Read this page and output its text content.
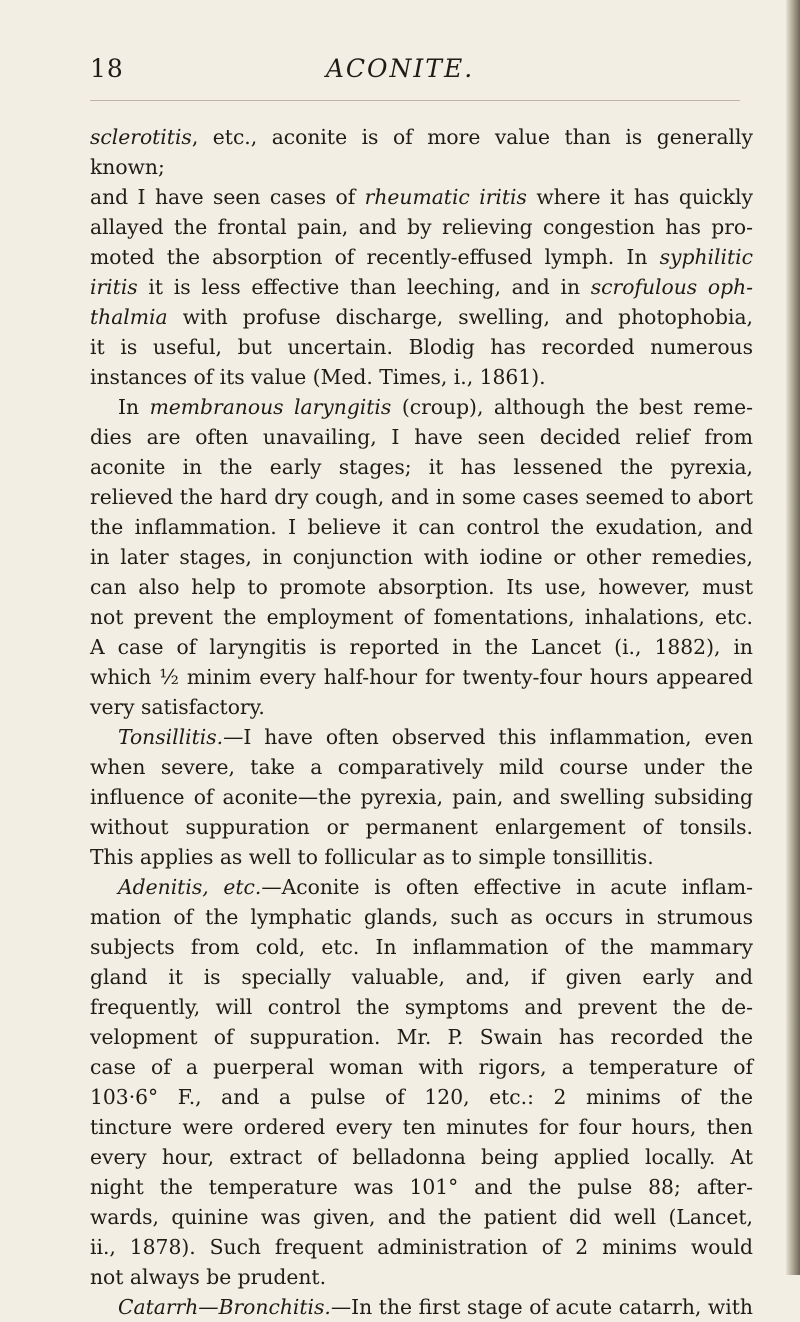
18	ACONITE.
sclerotitis, etc., aconite is of more value than is generally known;
and I have seen cases of rheumatic iritis where it has quickly
allayed the frontal pain, and by relieving congestion has pro-
moted the absorption of recently-effused lymph. In syphilitic
iritis it is less effective than leeching, and in scrofulous oph-
thalmia with profuse discharge, swelling, and photophobia,
it is useful, but uncertain. Blodig has recorded numerous
instances of its value (Med. Times, i., 1861).
In membranous laryngitis (croup), although the best reme-
dies are often unavailing, I have seen decided relief from
aconite in the early stages; it has lessened the pyrexia,
relieved the hard dry cough, and in some cases seemed to abort
the inflammation. I believe it can control the exudation, and
in later stages, in conjunction with iodine or other remedies,
can also help to promote absorption. Its use, however, must
not prevent the employment of fomentations, inhalations, etc.
A case of laryngitis is reported in the Lancet (i., 1882), in
which ½ minim every half-hour for twenty-four hours appeared
very satisfactory.
Tonsillitis.—I have often observed this inflammation, even
when severe, take a comparatively mild course under the
influence of aconite—the pyrexia, pain, and swelling subsiding
without suppuration or permanent enlargement of tonsils.
This applies as well to follicular as to simple tonsillitis.
Adenitis, etc.—Aconite is often effective in acute inflam-
mation of the lymphatic glands, such as occurs in strumous
subjects from cold, etc. In inflammation of the mammary
gland it is specially valuable, and, if given early and
frequently, will control the symptoms and prevent the de-
velopment of suppuration. Mr. P. Swain has recorded the
case of a puerperal woman with rigors, a temperature of
103·6° F., and a pulse of 120, etc.: 2 minims of the
tincture were ordered every ten minutes for four hours, then
every hour, extract of belladonna being applied locally. At
night the temperature was 101° and the pulse 88; after-
wards, quinine was given, and the patient did well (Lancet,
ii., 1878). Such frequent administration of 2 minims would
not always be prudent.
Catarrh—Bronchitis.—In the first stage of acute catarrh, with
